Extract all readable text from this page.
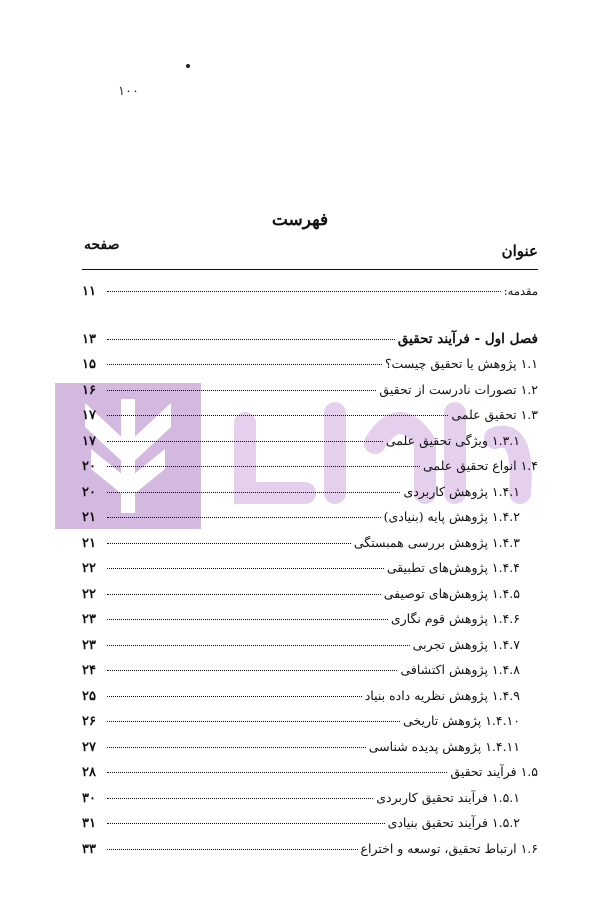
۱۰۰
فهرست
عنوان
صفحه
مقدمه:
۱۱
فصل اول - فرآیند تحقیق
۱۳
۱.۱ پژوهش یا تحقیق چیست؟
۱۵
۱.۲ تصورات نادرست از تحقیق
۱۶
۱.۳ تحقیق علمی
۱۷
۱.۳.۱ ویژگی تحقیق علمی
۱۷
۱.۴ انواع تحقیق علمی
۲۰
۱.۴.۱ پژوهش کاربردی
۲۰
۱.۴.۲ پژوهش پایه (بنیادی)
۲۱
۱.۴.۳ پژوهش بررسی همبستگی
۲۱
۱.۴.۴ پژوهش‌های تطبیقی
۲۲
۱.۴.۵ پژوهش‌های توصیفی
۲۲
۱.۴.۶ پژوهش قوم نگاری
۲۳
۱.۴.۷ پژوهش تجربی
۲۳
۱.۴.۸ پژوهش اکتشافی
۲۴
۱.۴.۹ پژوهش نظریه داده بنیاد
۲۵
۱.۴.۱۰ پژوهش تاریخی
۲۶
۱.۴.۱۱ پژوهش پدیده شناسی
۲۷
۱.۵ فرآیند تحقیق
۲۸
۱.۵.۱ فرآیند تحقیق کاربردی
۳۰
۱.۵.۲ فرآیند تحقیق بنیادی
۳۱
۱.۶ ارتباط تحقیق، توسعه و اختراع
۳۳
